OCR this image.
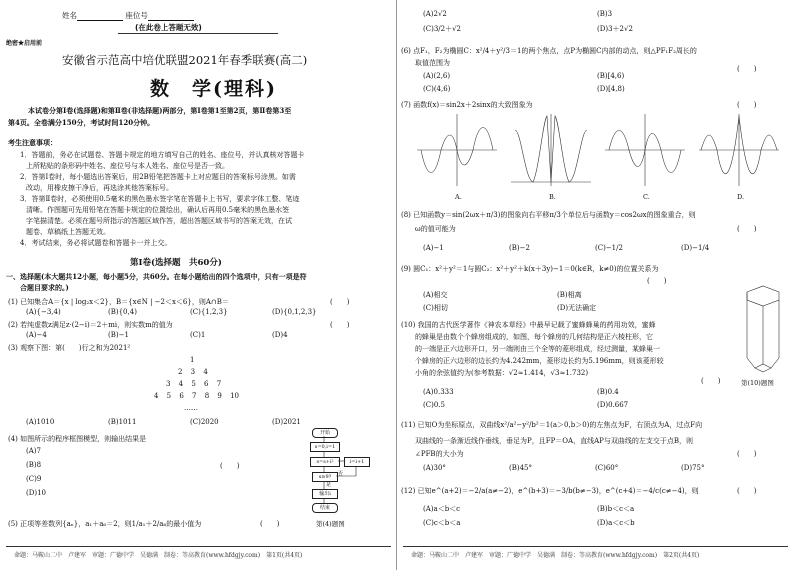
姓名	座位号
(在此卷上答题无效)
绝密★启用前
安徽省示范高中培优联盟2021年春季联赛(高二)
数　学(理科)
本试卷分第Ⅰ卷(选择题)和第Ⅱ卷(非选择题)两部分，第Ⅰ卷第1至第2页，第Ⅱ卷第3至
第4页。全卷满分150分，考试时间120分钟。
考生注意事项：
1．答题前，务必在试题卷、答题卡规定的地方填写自己的姓名、座位号，并认真核对答题卡
上所粘贴的条形码中姓名、座位号与本人姓名、座位号是否一致。
2．答第Ⅰ卷时，每小题选出答案后，用2B铅笔把答题卡上对应题目的答案标号涂黑。如需
改动，用橡皮擦干净后，再选涂其他答案标号。
3．答第Ⅱ卷时，必须使用0.5毫米的黑色墨水签字笔在答题卡上书写，要求字体工整、笔迹
清晰。作图题可先用铅笔在答题卡规定的位置绘出，确认后再用0.5毫米的黑色墨水签
字笔描清楚。必须在题号所指示的答题区域作答，超出答题区域书写的答案无效，在试
题卷、草稿纸上答题无效。
4．考试结束，务必将试题卷和答题卡一并上交。
第Ⅰ卷(选择题　共60分)
一、选择题(本大题共12小题，每小题5分，共60分。在每小题给出的四个选项中，只有一项是符
合题目要求的。)
(1) 已知集合A＝{x | log₂x＜2}，B＝{x∈N | −2＜x＜6}，则A∩B＝	(　　)
(A){−3,4)	(B){0,4)	(C){1,2,3}	(D){0,1,2,3}
(2) 若纯虚数z满足z·(2−i)＝2＋mi，则实数m的值为	(　　)
(A)−4	(B)−1	(C)1	(D)4
(3) 观察下图：第(　　)行之和为2021²
1
2 3 4
3 4 5 6 7
4 5 6 7 8 9 10
……
(A)1010	(B)1011	(C)2020	(D)2021
(4) 如图所示的程序框图模型，则输出结果是
(A)7
(B)8
(C)9
(D)10
(　　)
开始
s=0,i=1
s=s+i²	i=i+1
s≥9?	否
是
输出i
结束
第(4)题图
(5) 正项等差数列{aₙ}，a₁＋a₆＝2，则1/a₁＋2/a₆的最小值为	(　　)
命题：马鞍山二中　卢建军　审题：广德中学　吴德满　制卷：等高教育(www.hfdgjy.com)　第1页(共4页)
(A)2√2	(B)3
(C)3/2＋√2	(D)3＋2√2
(6) 点F₁，F₂为椭圆C：x²/4＋y²/3＝1的两个焦点，点P为椭圆C内部的动点，则△PF₁F₂周长的
取值范围为
(　　)
(A)(2,6)	(B)[4,6)
(C)(4,6)	(D)[4,8)
(7) 函数f(x)＝sin2x＋2sinx的大致图象为	(　　)
A.	B.	C.	D.
(8) 已知函数y＝sin(2ωx＋π/3)的图象向右平移π/3个单位后与函数y＝cos2ωx的图象重合，则
ω的值可能为	(　　)
(A)−1	(B)−2	(C)−1/2	(D)−1/4
(9) 圆C₁：x²＋y²＝1与圆C₂：x²＋y²＋k(x＋3y)−1＝0(k∈R，k≠0)的位置关系为
(　　)
(A)相交	(B)相离
(C)相切	(D)无法确定
第(10)题图
(10) 我国的古代医学著作《神农本草经》中最早记载了蜜蜂蜂巢的药用功效，蜜蜂
的蜂巢是由数个个蜂房组成的，如图，每个蜂房的几何结构是正六棱柱形，它
的一端是正六边形开口，另一端则由三个全等的菱形组成，经过测量，某蜂巢一
个蜂房的正六边形的边长约为4.242mm，菱形边长约为5.196mm，则该菱形较
小角的余弦值约为(参考数据：√2≈1.414，√3≈1.732)
(　　)
(A)0.333	(B)0.4
(C)0.5	(D)0.667
(11) 已知O为坐标原点，双曲线x²/a²−y²/b²＝1(a＞0,b＞0)的左焦点为F，右顶点为A，过点F向
双曲线的一条渐近线作垂线，垂足为P，且FP＝OA，直线AP与双曲线的左支交于点B，则
∠PFB的大小为	(　　)
(A)30°	(B)45°	(C)60°	(D)75°
(12) 已知e^(a+2)＝−2/a(a≠−2)，e^(b+3)＝−3/b(b≠−3)，e^(c+4)＝−4/c(c≠−4)，则	(　　)
(A)a＜b＜c	(B)b＜c＜a
(C)c＜b＜a	(D)a＜c＜b
命题：马鞍山二中　卢建军　审题：广德中学　吴德满　制卷：等高教育(www.hfdgjy.com)　第2页(共4页)
